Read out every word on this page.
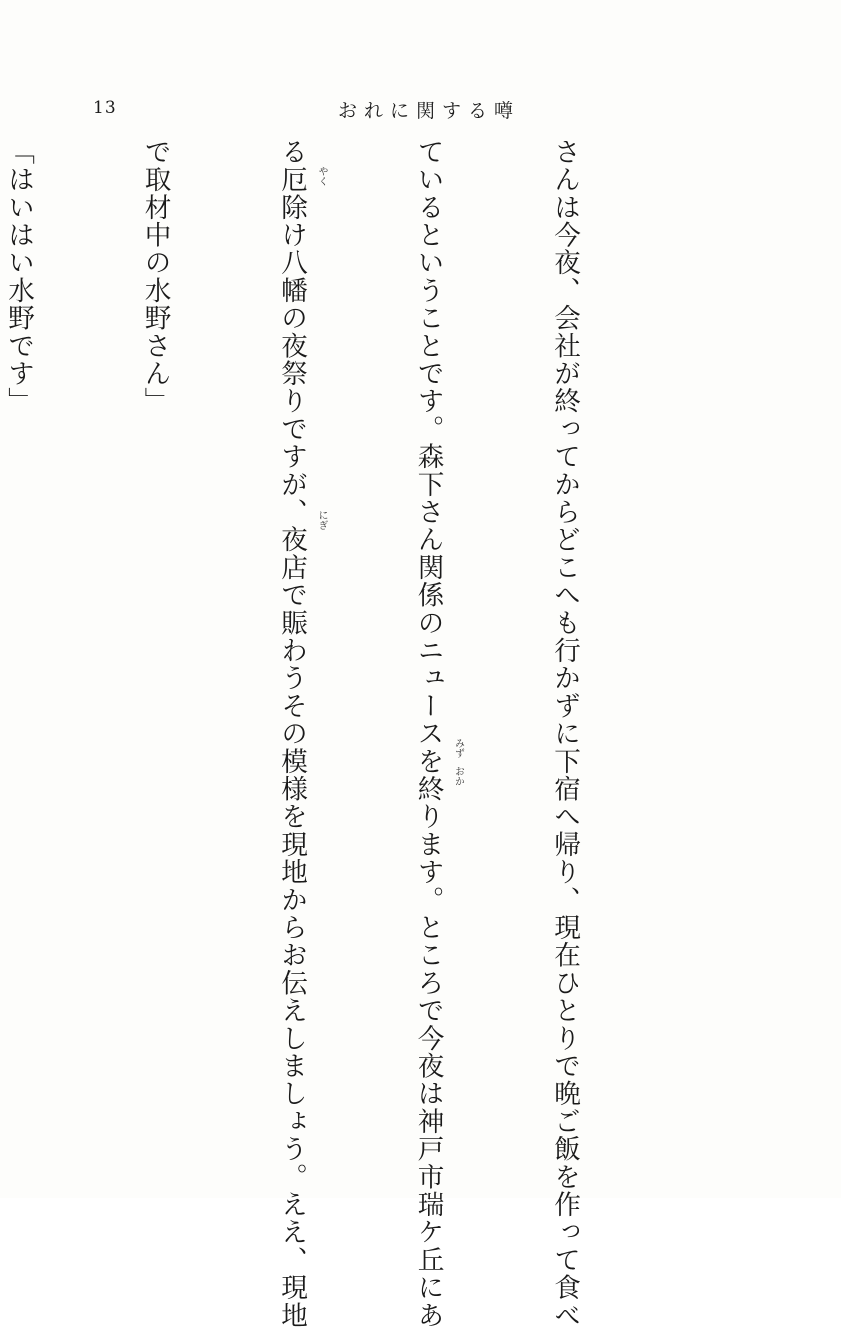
13	おれに関する噂

さんは今夜、会社が終ってからどこへも行かずに下宿へ帰り、現在ひとりで晩ご飯を作って食べ

ているということです。森下さん関係のニュースを終ります。ところで今夜は神戸市瑞ケ丘にあ みず
おか

る厄除け八幡の夜祭りですが、夜店で賑わうその模様を現地からお伝えしましょう。ええ、現地 やく
にぎ

で取材中の水野さん」

「はいはい水野です」
